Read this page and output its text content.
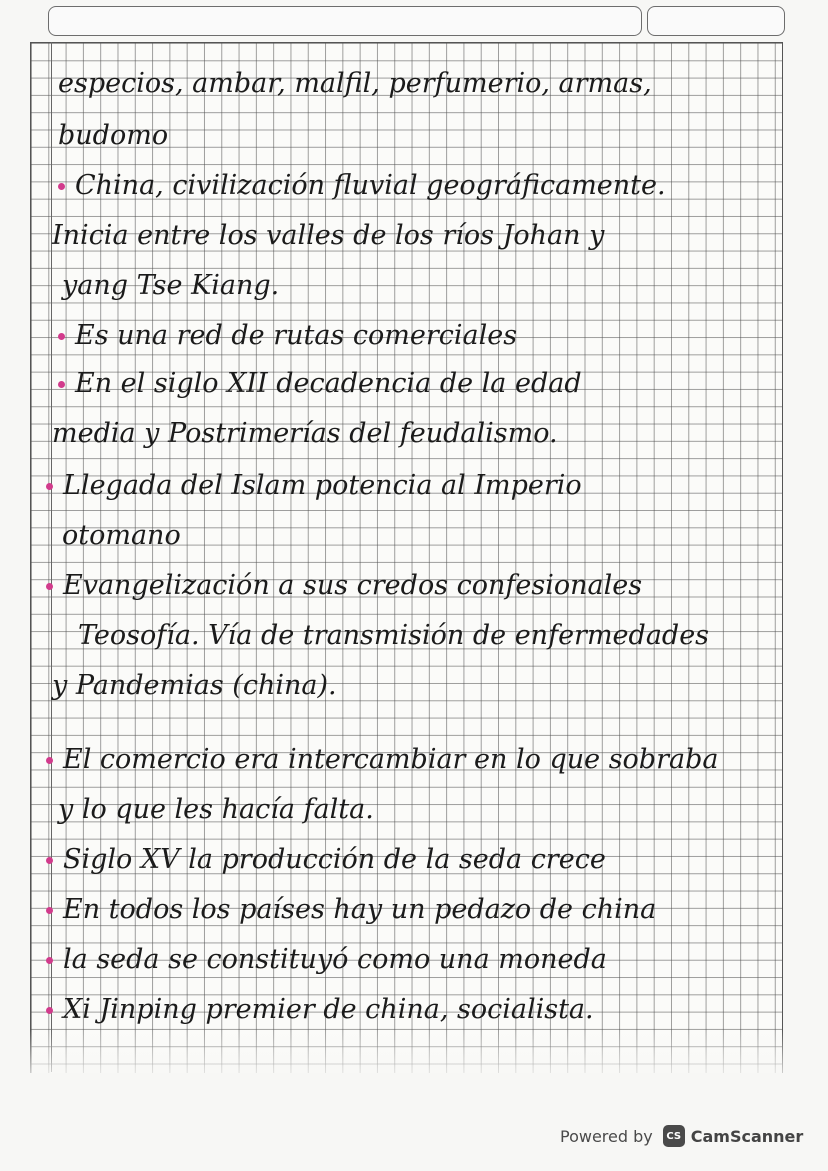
especios, ambar, malfil, perfumerio, armas,
budomo
China, civilización fluvial geográficamente.
Inicia entre los valles de los ríos Johan y
yang Tse Kiang.
Es una red de rutas comerciales
En el siglo XII decadencia de la edad
media y Postrimerías del feudalismo.
Llegada del Islam potencia al Imperio
otomano
Evangelización a sus credos confesionales
Teosofía. Vía de transmisión de enfermedades
y Pandemias (china).
El comercio era intercambiar en lo que sobraba
y lo que les hacía falta.
Siglo XV la producción de la seda crece
En todos los países hay un pedazo de china
la seda se constituyó como una moneda
Xi Jinping premier de china, socialista.
Powered by	CS CamScanner
